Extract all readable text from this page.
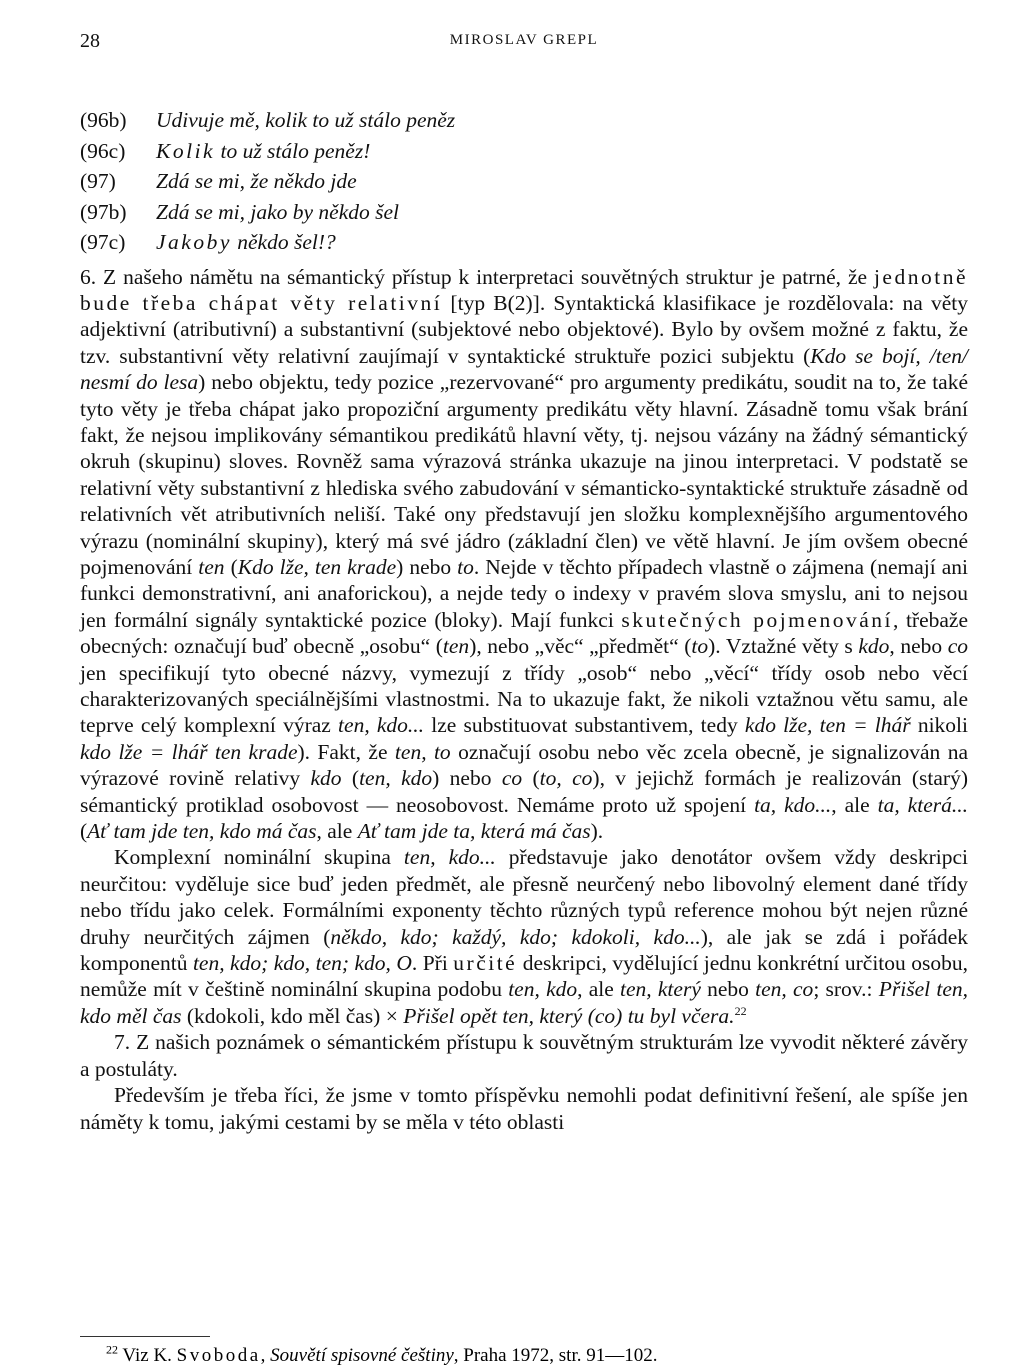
28	MIROSLAV GREPL

(96b) Udivuje mě, kolik to už stálo peněz

(96c) Kolik to už stálo peněz!

(97) Zdá se mi, že někdo jde

(97b) Zdá se mi, jako by někdo šel

(97c) Jakoby někdo šel!?

6. Z našeho námětu na sémantický přístup k interpretaci souvětných struktur je patrné, že jednotně bude třeba chápat věty relativní [typ B(2)]. Syntaktická klasifikace je rozdělovala: na věty adjektivní (atributivní) a substantivní (subjektové nebo objektové). Bylo by ovšem možné z faktu, že tzv. substantivní věty relativní zaujímají v syntaktické struktuře pozici subjektu (Kdo se bojí, /ten/ nesmí do lesa) nebo objektu, tedy pozice „rezervované“ pro argumenty predikátu, soudit na to, že také tyto věty je třeba chápat jako propoziční argumenty predikátu věty hlavní. Zásadně tomu však brání fakt, že nejsou implikovány sémantikou predikátů hlavní věty, tj. nejsou vázány na žádný sémantický okruh (skupinu) sloves. Rovněž sama výrazová stránka ukazuje na jinou interpretaci. V podstatě se relativní věty substantivní z hlediska svého zabudování v sémanticko-syntaktické struktuře zásadně od relativních vět atributivních neliší. Také ony představují jen složku komplexnějšího argumentového výrazu (nominální skupiny), který má své jádro (základní člen) ve větě hlavní. Je jím ovšem obecné pojmenování ten (Kdo lže, ten krade) nebo to. Nejde v těchto případech vlastně o zájmena (nemají ani funkci demonstrativní, ani anaforickou), a nejde tedy o indexy v pravém slova smyslu, ani to nejsou jen formální signály syntaktické pozice (bloky). Mají funkci skutečných pojmenování, třebaže obecných: označují buď obecně „osobu“ (ten), nebo „věc“ „předmět“ (to). Vztažné věty s kdo, nebo co jen specifikují tyto obecné názvy, vymezují z třídy „osob“ nebo „věcí“ třídy osob nebo věcí charakterizovaných speciálnějšími vlastnostmi. Na to ukazuje fakt, že nikoli vztažnou větu samu, ale teprve celý komplexní výraz ten, kdo... lze substituovat substantivem, tedy kdo lže, ten = lhář nikoli kdo lže = lhář ten krade). Fakt, že ten, to označují osobu nebo věc zcela obecně, je signalizován na výrazové rovině relativy kdo (ten, kdo) nebo co (to, co), v jejichž formách je realizován (starý) sémantický protiklad osobovost — neosobovost. Nemáme proto už spojení ta, kdo..., ale ta, která... (Ať tam jde ten, kdo má čas, ale Ať tam jde ta, která má čas).

Komplexní nominální skupina ten, kdo... představuje jako denotátor ovšem vždy deskripci neurčitou: vyděluje sice buď jeden předmět, ale přesně neurčený nebo libovolný element dané třídy nebo třídu jako celek. Formálními exponenty těchto různých typů reference mohou být nejen různé druhy neurčitých zájmen (někdo, kdo; každý, kdo; kdokoli, kdo...), ale jak se zdá i pořádek komponentů ten, kdo; kdo, ten; kdo, O. Při určité deskripci, vydělující jednu konkrétní určitou osobu, nemůže mít v češtině nominální skupina podobu ten, kdo, ale ten, který nebo ten, co; srov.: Přišel ten, kdo měl čas (kdokoli, kdo měl čas) × Přišel opět ten, který (co) tu byl včera.$^{22}$

7. Z našich poznámek o sémantickém přístupu k souvětným strukturám lze vyvodit některé závěry a postuláty.

Především je třeba říci, že jsme v tomto příspěvku nemohli podat definitivní řešení, ale spíše jen náměty k tomu, jakými cestami by se měla v této oblasti

$^{22}$ Viz K. Svoboda, Souvětí spisovné češtiny, Praha 1972, str. 91—102.
